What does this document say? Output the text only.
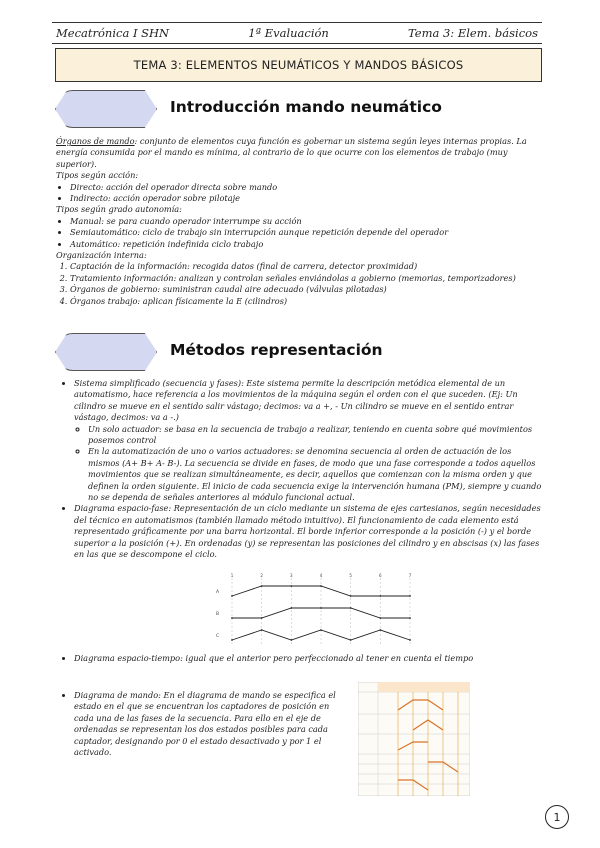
Mecatrónica I SHN	1ª Evaluación	Tema 3: Elem. básicos
TEMA 3: ELEMENTOS NEUMÁTICOS Y MANDOS BÁSICOS
Introducción mando neumático

Órganos de mando: conjunto de elementos cuya función es gobernar un sistema según leyes internas propias. La energía consumida por el mando es mínima, al contrario de lo que ocurre con los elementos de trabajo (muy superior).

Tipos según acción:

• Directo: acción del operador directa sobre mando
• Indirecto: acción operador sobre pilotaje

Tipos según grado autonomía:

• Manual: se para cuando operador interrumpe su acción
• Semiautomático: ciclo de trabajo sin interrupción aunque repetición depende del operador
• Automático: repetición indefinida ciclo trabajo

Organización interna:

1. Captación de la información: recogida datos (final de carrera, detector proximidad)
2. Tratamiento información: analizan y controlan señales enviándolas a gobierno (memorias, temporizadores)
3. Órganos de gobierno: suministran caudal aire adecuado (válvulas pilotadas)
4. Órganos trabajo: aplican físicamente la E (cilindros)
Métodos representación
• Sistema simplificado (secuencia y fases): Este sistema permite la descripción metódica elemental de un automatismo, hace referencia a los movimientos de la máquina según el orden con el que suceden. (Ej: Un cilindro se mueve en el sentido salir vástago; decimos: va a +, - Un cilindro se mueve en el sentido entrar vástago, decimos: va a -.)
◦ Un solo actuador: se basa en la secuencia de trabajo a realizar, teniendo en cuenta sobre qué movimientos posemos control
◦ En la automatización de uno o varios actuadores: se denomina secuencia al orden de actuación de los mismos (A+ B+ A- B-). La secuencia se divide en fases, de modo que una fase corresponde a todos aquellos movimientos que se realizan simultáneamente, es decir, aquellos que comienzan con la misma orden y que definen la orden siguiente. El inicio de cada secuencia exige la intervención humana (PM), siempre y cuando no se dependa de señales anteriores al módulo funcional actual.
• Diagrama espacio-fase: Representación de un ciclo mediante un sistema de ejes cartesianos, según necesidades del técnico en automatismos (también llamado método intuitivo). El funcionamiento de cada elemento está representado gráficamente por una barra horizontal. El borde inferior corresponde a la posición (-) y el borde superior a la posición (+). En ordenadas (y) se representan las posiciones del cilindro y en abscisas (x) las fases en las que se descompone el ciclo.
1	2	3	4	5	6	7
A
B
C
• Diagrama espacio-tiempo: igual que el anterior pero perfeccionado al tener en cuenta el tiempo
• Diagrama de mando: En el diagrama de mando se especifica el estado en el que se encuentran los captadores de posición en cada una de las fases de la secuencia. Para ello en el eje de ordenadas se representan los dos estados posibles para cada captador, designando por 0 el estado desactivado y por 1 el activado.
1
